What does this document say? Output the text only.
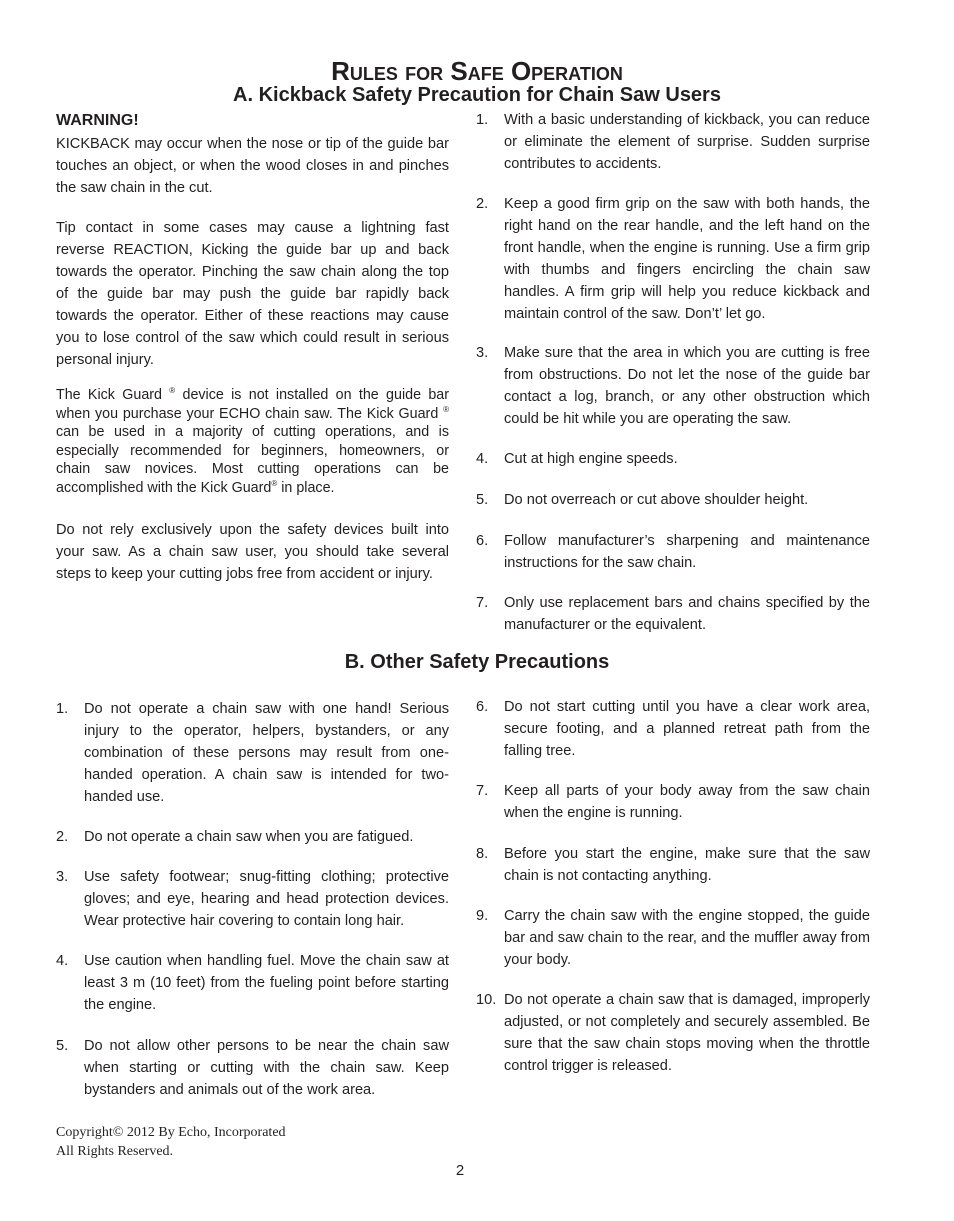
Rules for Safe Operation
A. Kickback Safety Precaution for Chain Saw Users
WARNING!
KICKBACK may occur when the nose or tip of the guide bar touches an object, or when the wood closes in and pinches the saw chain in the cut.
Tip contact in some cases may cause a lightning fast reverse REACTION, Kicking the guide bar up and back towards the operator. Pinching the saw chain along the top of the guide bar may push the guide bar rapidly back towards the operator. Either of these reactions may cause you to lose control of the saw which could result in serious personal injury.
The Kick Guard ® device is not installed on the guide bar when you purchase your ECHO chain saw. The Kick Guard ® can be used in a majority of cutting operations, and is especially recommended for beginners, homeowners, or chain saw novices. Most cutting operations can be accomplished with the Kick Guard® in place.
Do not rely exclusively upon the safety devices built into your saw. As a chain saw user, you should take several steps to keep your cutting jobs free from accident or injury.
1. With a basic understanding of kickback, you can reduce or eliminate the element of surprise. Sudden surprise contributes to accidents.
2. Keep a good firm grip on the saw with both hands, the right hand on the rear handle, and the left hand on the front handle, when the engine is running. Use a firm grip with thumbs and fingers encircling the chain saw handles. A firm grip will help you reduce kickback and maintain control of the saw. Don’t’ let go.
3. Make sure that the area in which you are cutting is free from obstructions. Do not let the nose of the guide bar contact a log, branch, or any other obstruction which could be hit while you are operating the saw.
4. Cut at high engine speeds.
5. Do not overreach or cut above shoulder height.
6. Follow manufacturer’s sharpening and maintenance instructions for the saw chain.
7. Only use replacement bars and chains specified by the manufacturer or the equivalent.
B. Other Safety Precautions
1. Do not operate a chain saw with one hand! Serious injury to the operator, helpers, bystanders, or any combination of these persons may result from one-handed operation. A chain saw is intended for two-handed use.
2. Do not operate a chain saw when you are fatigued.
3. Use safety footwear; snug-fitting clothing; protective gloves; and eye, hearing and head protection devices. Wear protective hair covering to contain long hair.
4. Use caution when handling fuel. Move the chain saw at least 3 m (10 feet) from the fueling point before starting the engine.
5. Do not allow other persons to be near the chain saw when starting or cutting with the chain saw. Keep bystanders and animals out of the work area.
6. Do not start cutting until you have a clear work area, secure footing, and a planned retreat path from the falling tree.
7. Keep all parts of your body away from the saw chain when the engine is running.
8. Before you start the engine, make sure that the saw chain is not contacting anything.
9. Carry the chain saw with the engine stopped, the guide bar and saw chain to the rear, and the muffler away from your body.
10. Do not operate a chain saw that is damaged, improperly adjusted, or not completely and securely assembled. Be sure that the saw chain stops moving when the throttle control trigger is released.
Copyright© 2012 By Echo, Incorporated
All Rights Reserved.
2
